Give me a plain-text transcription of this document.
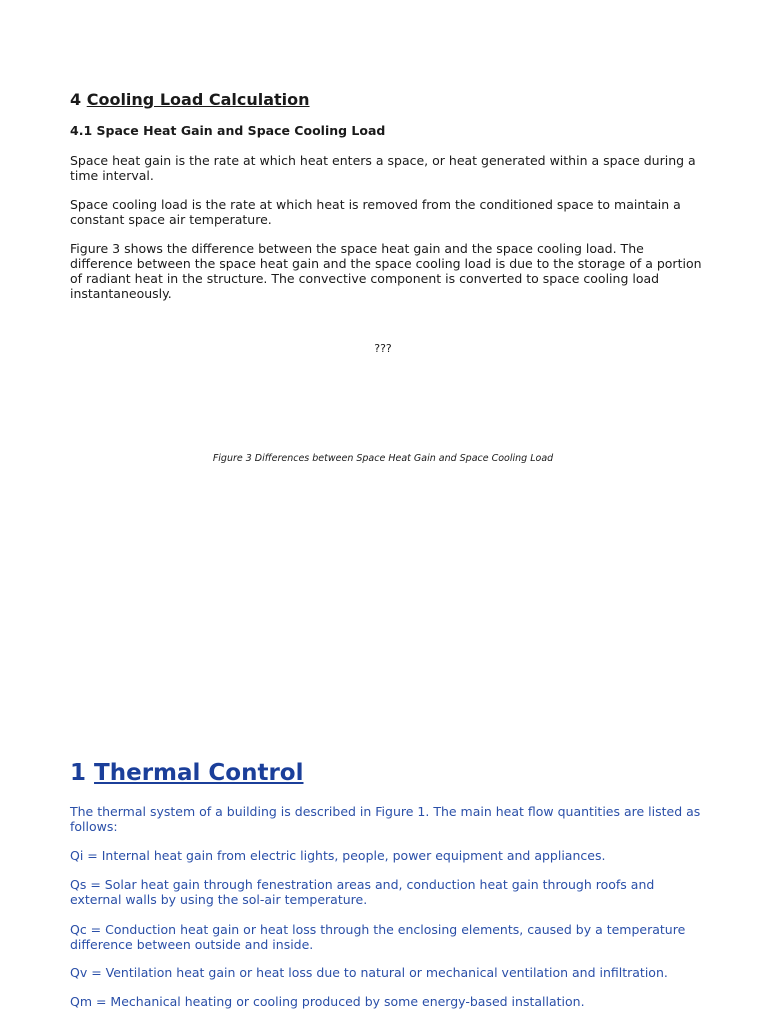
4 Cooling Load Calculation
4.1 Space Heat Gain and Space Cooling Load

Space heat gain is the rate at which heat enters a space, or heat generated within a space during a time interval.

Space cooling load is the rate at which heat is removed from the conditioned space to maintain a constant space air temperature.

Figure 3 shows the difference between the space heat gain and the space cooling load. The difference between the space heat gain and the space cooling load is due to the storage of a portion of radiant heat in the structure. The convective component is converted to space cooling load instantaneously.

???
Figure 3 Differences between Space Heat Gain and Space Cooling Load
1 Thermal Control

The thermal system of a building is described in Figure 1. The main heat flow quantities are listed as follows:

Qi = Internal heat gain from electric lights, people, power equipment and appliances.

Qs = Solar heat gain through fenestration areas and, conduction heat gain through roofs and external walls by using the sol-air temperature.

Qc = Conduction heat gain or heat loss through the enclosing elements, caused by a temperature difference between outside and inside.

Qv = Ventilation heat gain or heat loss due to natural or mechanical ventilation and infiltration.

Qm = Mechanical heating or cooling produced by some energy-based installation.
